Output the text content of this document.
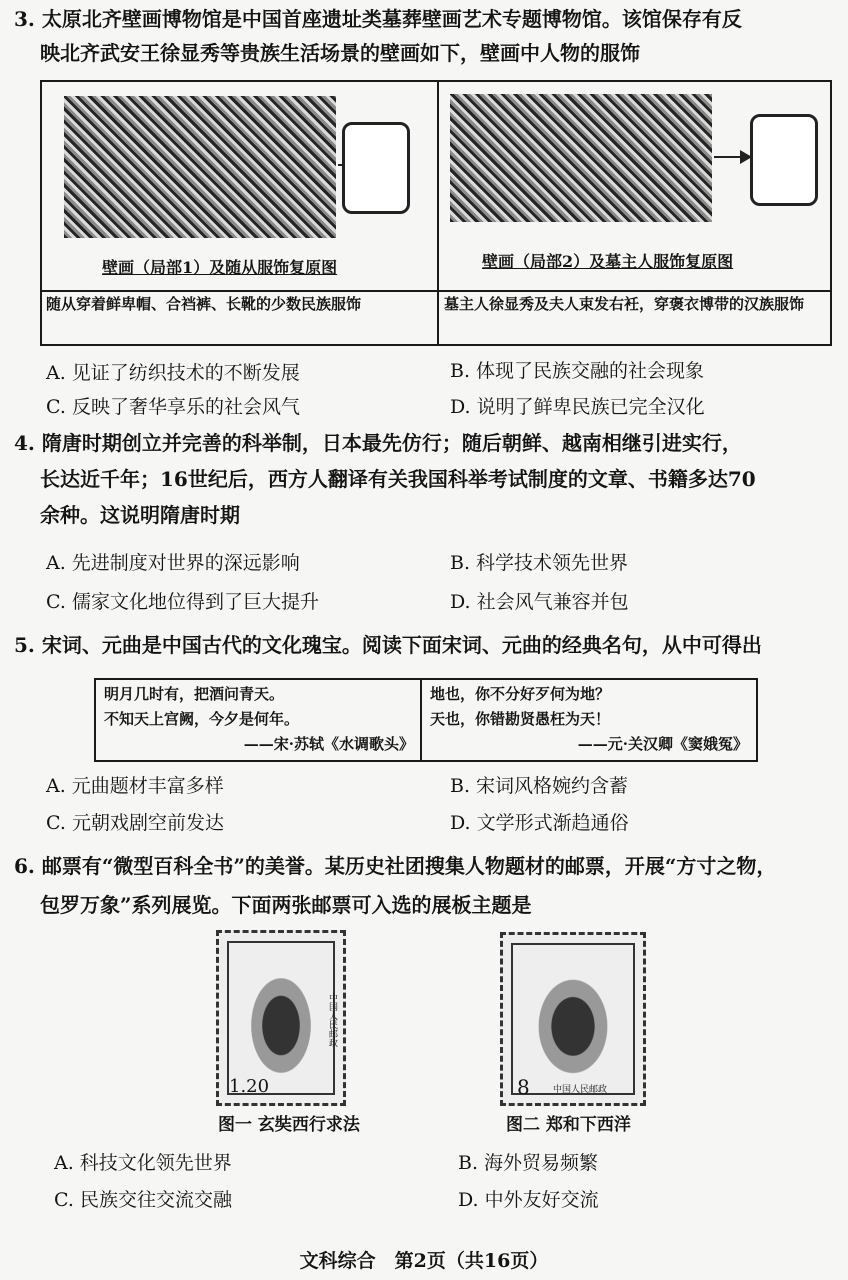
3. 太原北齐壁画博物馆是中国首座遗址类墓葬壁画艺术专题博物馆。该馆保存有反
映北齐武安王徐显秀等贵族生活场景的壁画如下，壁画中人物的服饰
壁画（局部1）及随从服饰复原图	壁画（局部2）及墓主人服饰复原图
随从穿着鲜卑帽、合裆裤、长靴的少数民族服饰	墓主人徐显秀及夫人束发右衽，穿褒衣博带的汉族服饰
A. 见证了纺织技术的不断发展	B. 体现了民族交融的社会现象
C. 反映了奢华享乐的社会风气	D. 说明了鲜卑民族已完全汉化
4. 隋唐时期创立并完善的科举制，日本最先仿行；随后朝鲜、越南相继引进实行，
长达近千年；16世纪后，西方人翻译有关我国科举考试制度的文章、书籍多达70
余种。这说明隋唐时期
A. 先进制度对世界的深远影响	B. 科学技术领先世界
C. 儒家文化地位得到了巨大提升	D. 社会风气兼容并包
5. 宋词、元曲是中国古代的文化瑰宝。阅读下面宋词、元曲的经典名句，从中可得出
明月几时有，把酒问青天。
不知天上宫阙，今夕是何年。
——宋·苏轼《水调歌头》
地也，你不分好歹何为地？
天也，你错勘贤愚枉为天！
——元·关汉卿《窦娥冤》
A. 元曲题材丰富多样	B. 宋词风格婉约含蓄
C. 元朝戏剧空前发达	D. 文学形式渐趋通俗
6. 邮票有“微型百科全书”的美誉。某历史社团搜集人物题材的邮票，开展“方寸之物，
包罗万象”系列展览。下面两张邮票可入选的展板主题是
1.20
中国人民邮政
8	中国人民邮政
图一 玄奘西行求法	图二 郑和下西洋
A. 科技文化领先世界	B. 海外贸易频繁
C. 民族交往交流交融	D. 中外友好交流
文科综合　第2页（共16页）
